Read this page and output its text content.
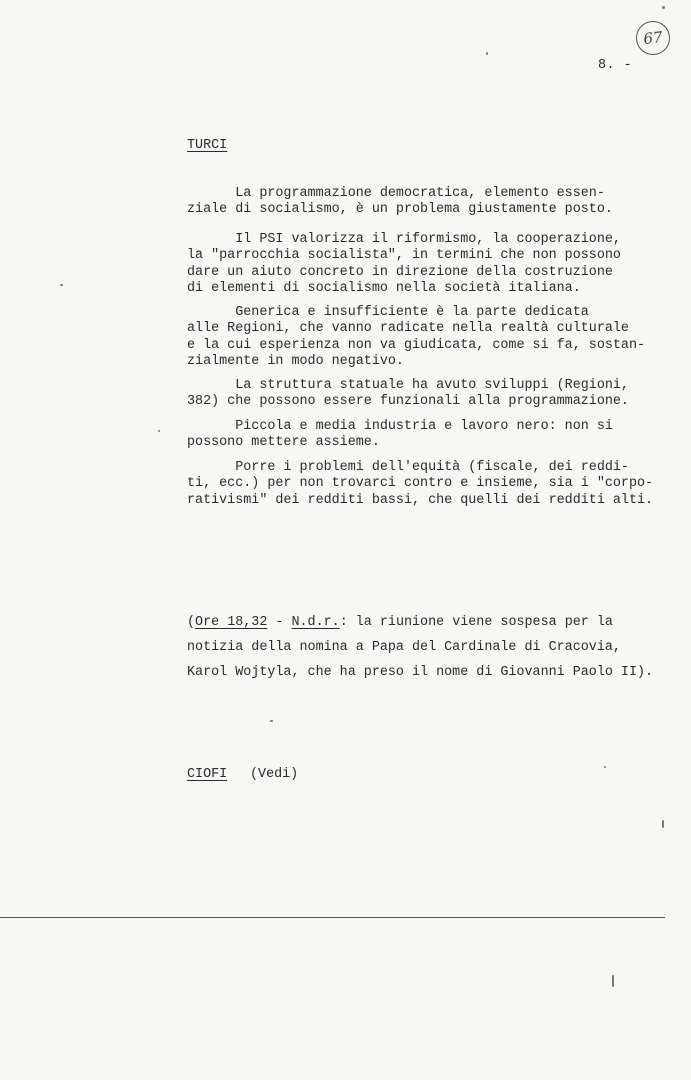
67
8. -
TURCI
La programmazione democratica, elemento essen-
ziale di socialismo, è un problema giustamente posto.
Il PSI valorizza il riformismo, la cooperazione,
la "parrocchia socialista", in termini che non possono
dare un aiuto concreto in direzione della costruzione
di elementi di socialismo nella società italiana.
Generica e insufficiente è la parte dedicata
alle Regioni, che vanno radicate nella realtà culturale
e la cui esperienza non va giudicata, come si fa, sostan-
zialmente in modo negativo.
La struttura statuale ha avuto sviluppi (Regioni,
382) che possono essere funzionali alla programmazione.
Piccola e media industria e lavoro nero: non si
possono mettere assieme.
Porre i problemi dell'equità (fiscale, dei reddi-
ti, ecc.) per non trovarci contro e insieme, sia i "corpo-
rativismi" dei redditi bassi, che quelli dei redditi alti.
(Ore 18,32 - N.d.r.: la riunione viene sospesa per la
notizia della nomina a Papa del Cardinale di Cracovia,
Karol Wojtyla, che ha preso il nome di Giovanni Paolo II).
CIOFI (Vedi)
